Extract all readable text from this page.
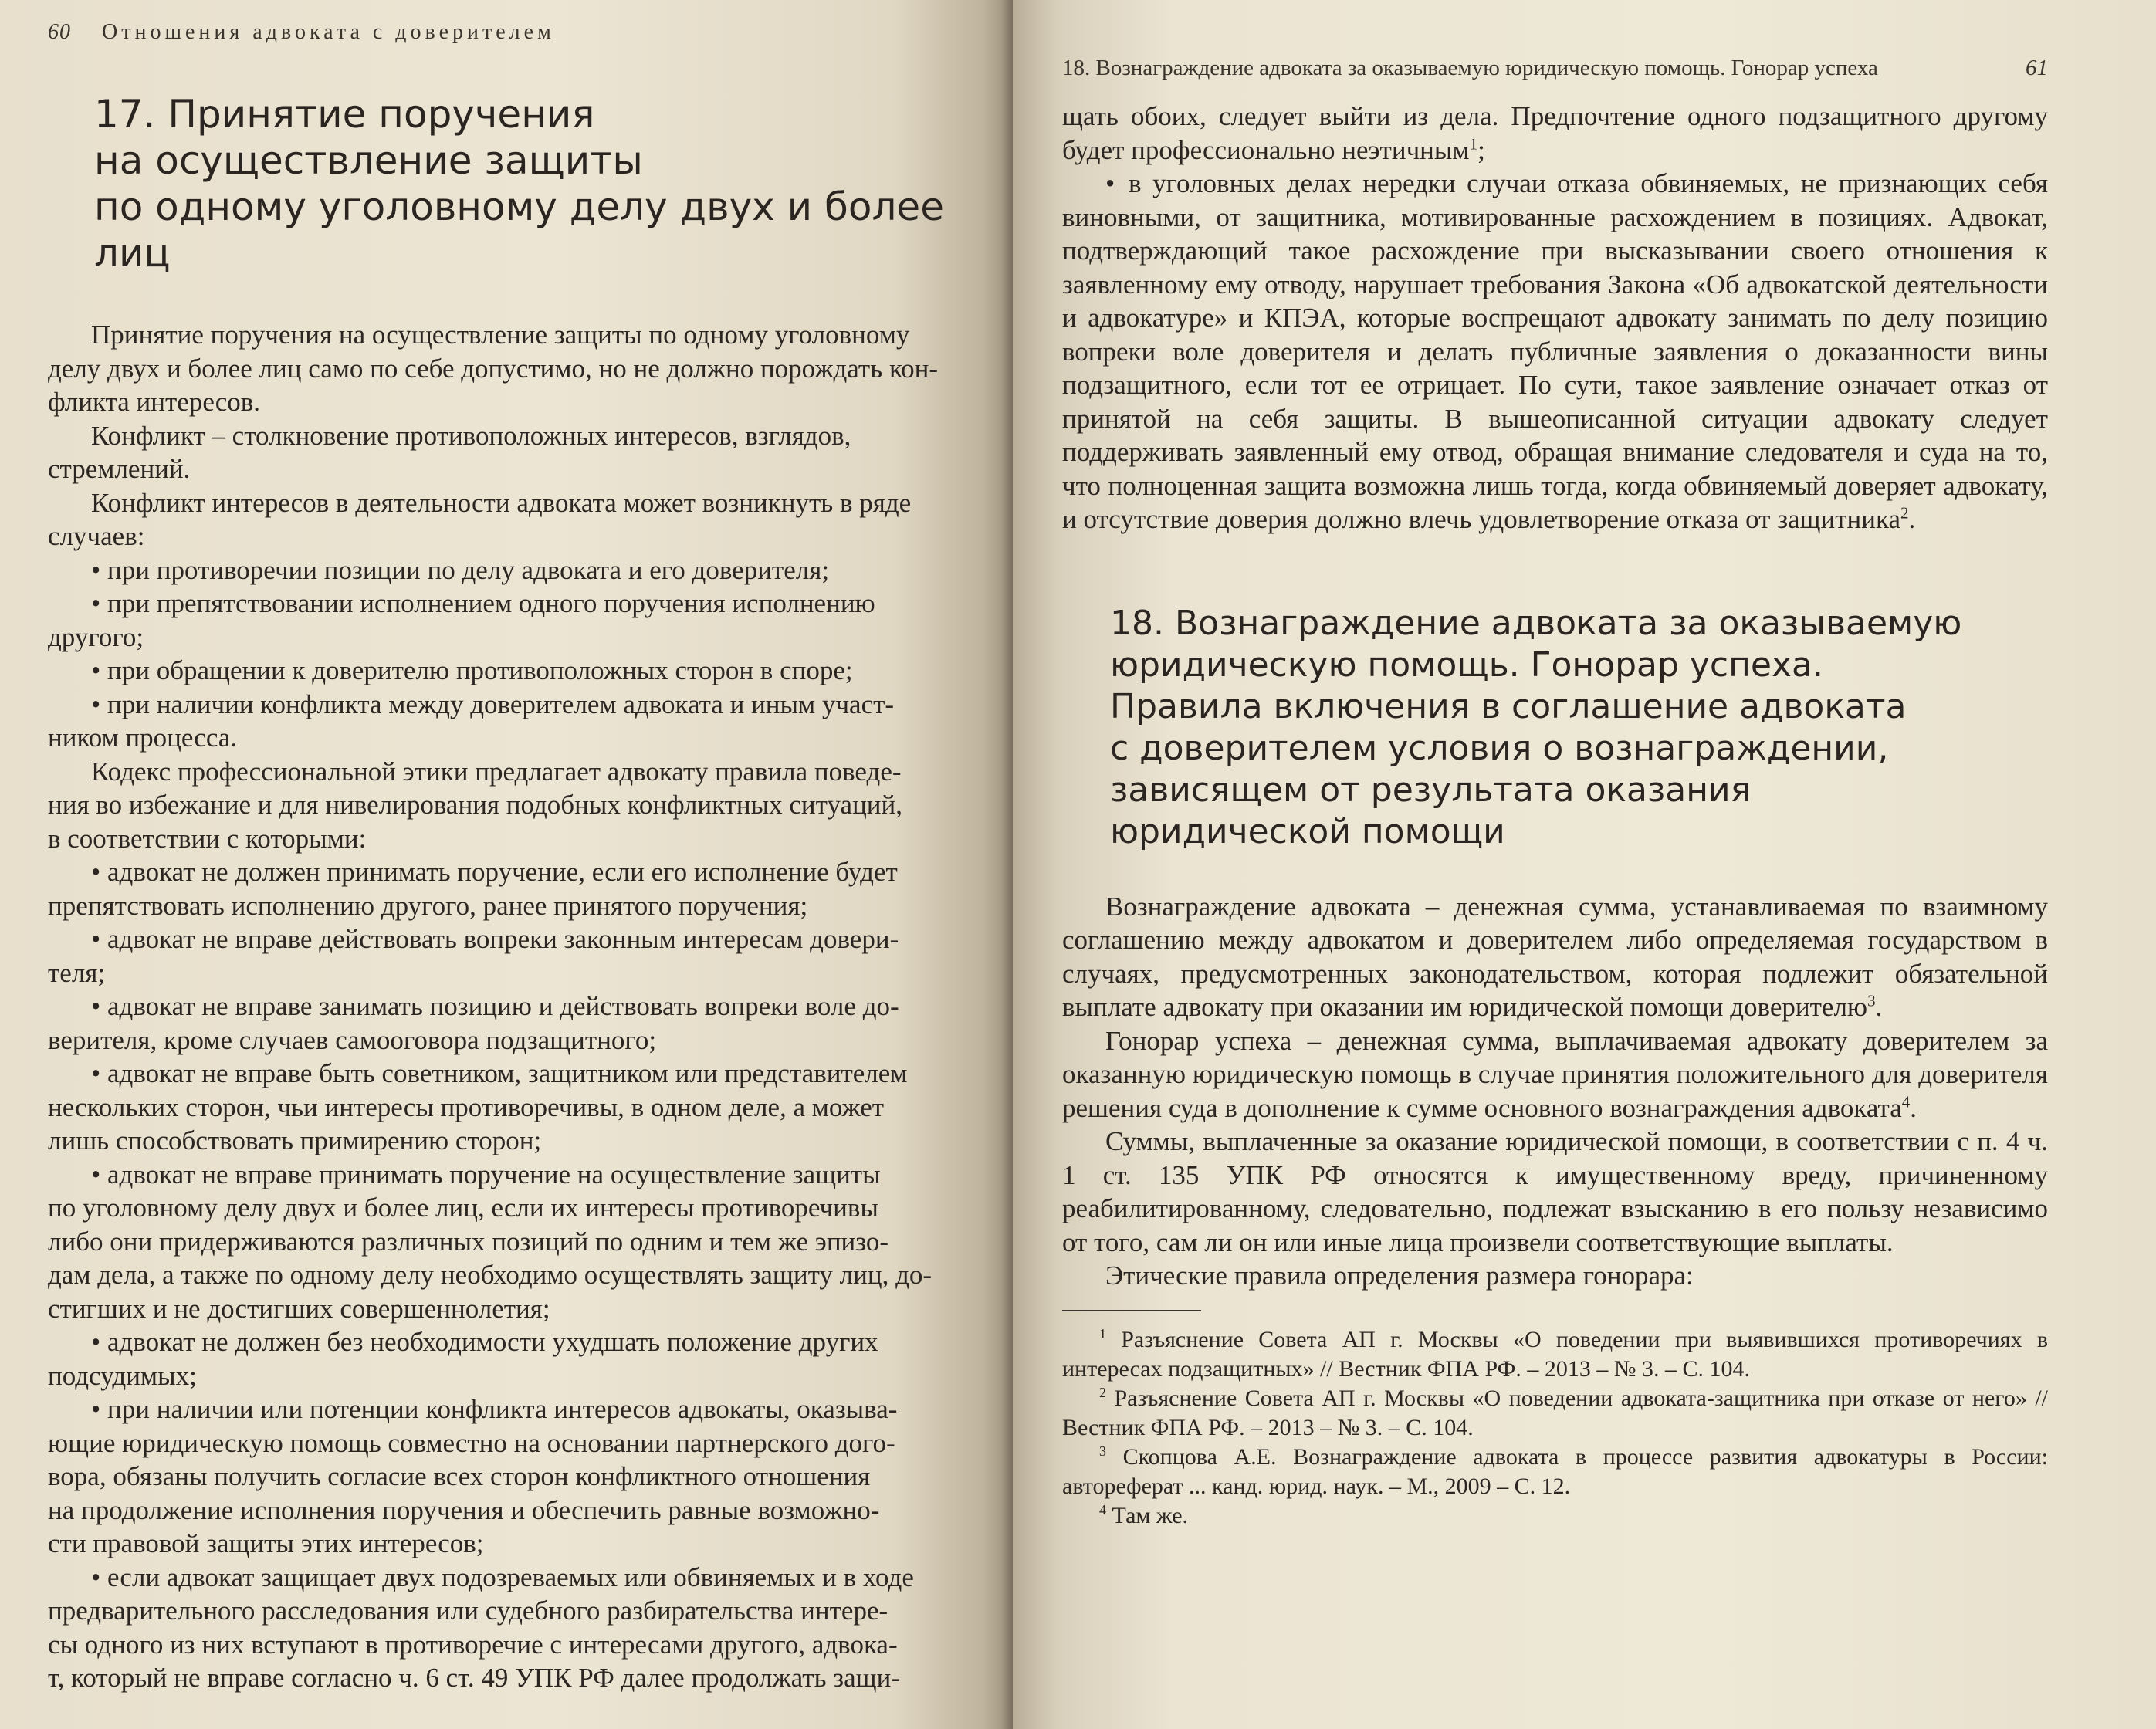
60 Отношения адвоката с доверителем
17. Принятие поручения
на осуществление защиты
по одному уголовному делу двух и более лиц

Принятие поручения на осуществление защиты по одному уголовному

делу двух и более лиц само по себе допустимо, но не должно порождать кон-

фликта интересов.

Конфликт – столкновение противоположных интересов, взглядов,

стремлений.

Конфликт интересов в деятельности адвоката может возникнуть в ряде

случаев:

• при противоречии позиции по делу адвоката и его доверителя;

• при препятствовании исполнением одного поручения исполнению

другого;

• при обращении к доверителю противоположных сторон в споре;

• при наличии конфликта между доверителем адвоката и иным участ-

ником процесса.

Кодекс профессиональной этики предлагает адвокату правила поведе-

ния во избежание и для нивелирования подобных конфликтных ситуаций,

в соответствии с которыми:

• адвокат не должен принимать поручение, если его исполнение будет

препятствовать исполнению другого, ранее принятого поручения;

• адвокат не вправе действовать вопреки законным интересам довери-

теля;

• адвокат не вправе занимать позицию и действовать вопреки воле до-

верителя, кроме случаев самооговора подзащитного;

• адвокат не вправе быть советником, защитником или представителем

нескольких сторон, чьи интересы противоречивы, в одном деле, а может

лишь способствовать примирению сторон;

• адвокат не вправе принимать поручение на осуществление защиты

по уголовному делу двух и более лиц, если их интересы противоречивы

либо они придерживаются различных позиций по одним и тем же эпизо-

дам дела, а также по одному делу необходимо осуществлять защиту лиц, до-

стигших и не достигших совершеннолетия;

• адвокат не должен без необходимости ухудшать положение других

подсудимых;

• при наличии или потенции конфликта интересов адвокаты, оказыва-

ющие юридическую помощь совместно на основании партнерского дого-

вора, обязаны получить согласие всех сторон конфликтного отношения

на продолжение исполнения поручения и обеспечить равные возможно-

сти правовой защиты этих интересов;

• если адвокат защищает двух подозреваемых или обвиняемых и в ходе

предварительного расследования или судебного разбирательства интере-

сы одного из них вступают в противоречие с интересами другого, адвока-

т, который не вправе согласно ч. 6 ст. 49 УПК РФ далее продолжать защи-

18. Вознаграждение адвоката за оказываемую юридическую помощь. Гонорар успеха	61

щать обоих, следует выйти из дела. Предпочтение одного подзащитного другому будет профессионально неэтичным$^1$;

• в уголовных делах нередки случаи отказа обвиняемых, не признающих себя виновными, от защитника, мотивированные расхождением в позициях. Адвокат, подтверждающий такое расхождение при высказывании своего отношения к заявленному ему отводу, нарушает требования Закона «Об адвокатской деятельности и адвокатуре» и КПЭА, которые воспрещают адвокату занимать по делу позицию вопреки воле доверителя и делать публичные заявления о доказанности вины подзащитного, если тот ее отрицает. По сути, такое заявление означает отказ от принятой на себя защиты. В вышеописанной ситуации адвокату следует поддерживать заявленный ему отвод, обращая внимание следователя и суда на то, что полноценная защита возможна лишь тогда, когда обвиняемый доверяет адвокату, и отсутствие доверия должно влечь удовлетворение отказа от защитника$^2$.

18. Вознаграждение адвоката за оказываемую
юридическую помощь. Гонорар успеха.
Правила включения в соглашение адвоката
с доверителем условия о вознаграждении,
зависящем от результата оказания
юридической помощи

Вознаграждение адвоката – денежная сумма, устанавливаемая по взаимному соглашению между адвокатом и доверителем либо определяемая государством в случаях, предусмотренных законодательством, которая подлежит обязательной выплате адвокату при оказании им юридической помощи доверителю$^3$.

Гонорар успеха – денежная сумма, выплачиваемая адвокату доверителем за оказанную юридическую помощь в случае принятия положительного для доверителя решения суда в дополнение к сумме основного вознаграждения адвоката$^4$.

Суммы, выплаченные за оказание юридической помощи, в соответствии с п. 4 ч. 1 ст. 135 УПК РФ относятся к имущественному вреду, причиненному реабилитированному, следовательно, подлежат взысканию в его пользу независимо от того, сам ли он или иные лица произвели соответствующие выплаты.

Этические правила определения размера гонорара:

$^1$ Разъяснение Совета АП г. Москвы «О поведении при выявившихся противоречиях в интересах подзащитных» // Вестник ФПА РФ. – 2013 – № 3. – С. 104.

$^2$ Разъяснение Совета АП г. Москвы «О поведении адвоката-защитника при отказе от него» // Вестник ФПА РФ. – 2013 – № 3. – С. 104.

$^3$ Скопцова А.Е. Вознаграждение адвоката в процессе развития адвокатуры в России: автореферат ... канд. юрид. наук. – М., 2009 – С. 12.

$^4$ Там же.
